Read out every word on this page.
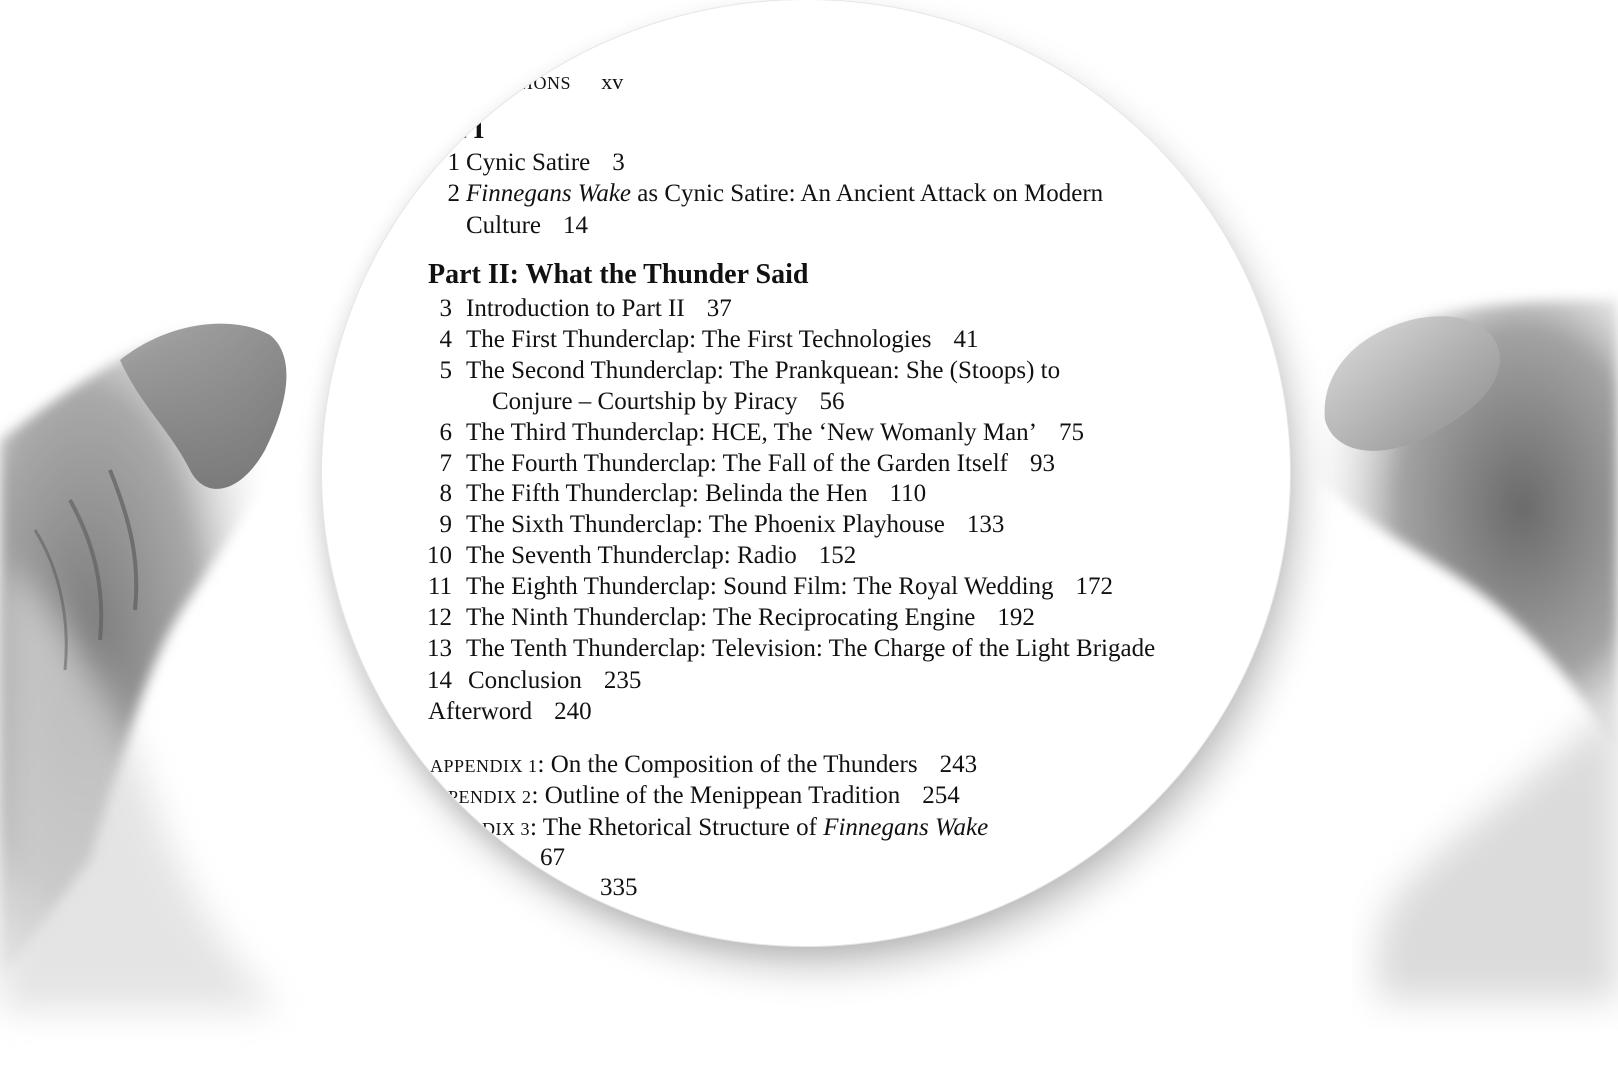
.IONS xv
t I
1 Cynic Satire 3
2 Finnegans Wake as Cynic Satire: An Ancient Attack on Modern
Culture 14
Part II: What the Thunder Said
3 Introduction to Part II 37
4 The First Thunderclap: The First Technologies 41
5 The Second Thunderclap: The Prankquean: She (Stoops) to
Conjure – Courtship by Piracy 56
6 The Third Thunderclap: HCE, The ‘New Womanly Man’ 75
7 The Fourth Thunderclap: The Fall of the Garden Itself 93
8 The Fifth Thunderclap: Belinda the Hen 110
9 The Sixth Thunderclap: The Phoenix Playhouse 133
10 The Seventh Thunderclap: Radio 152
11 The Eighth Thunderclap: Sound Film: The Royal Wedding 172
12 The Ninth Thunderclap: The Reciprocating Engine 192
13 The Tenth Thunderclap: Television: The Charge of the Light Brigade
14 Conclusion 235
Afterword 240
APPENDIX 1: On the Composition of the Thunders 243
PENDIX 2: Outline of the Menippean Tradition 254
DIX 3: The Rhetorical Structure of Finnegans Wake
67
335
